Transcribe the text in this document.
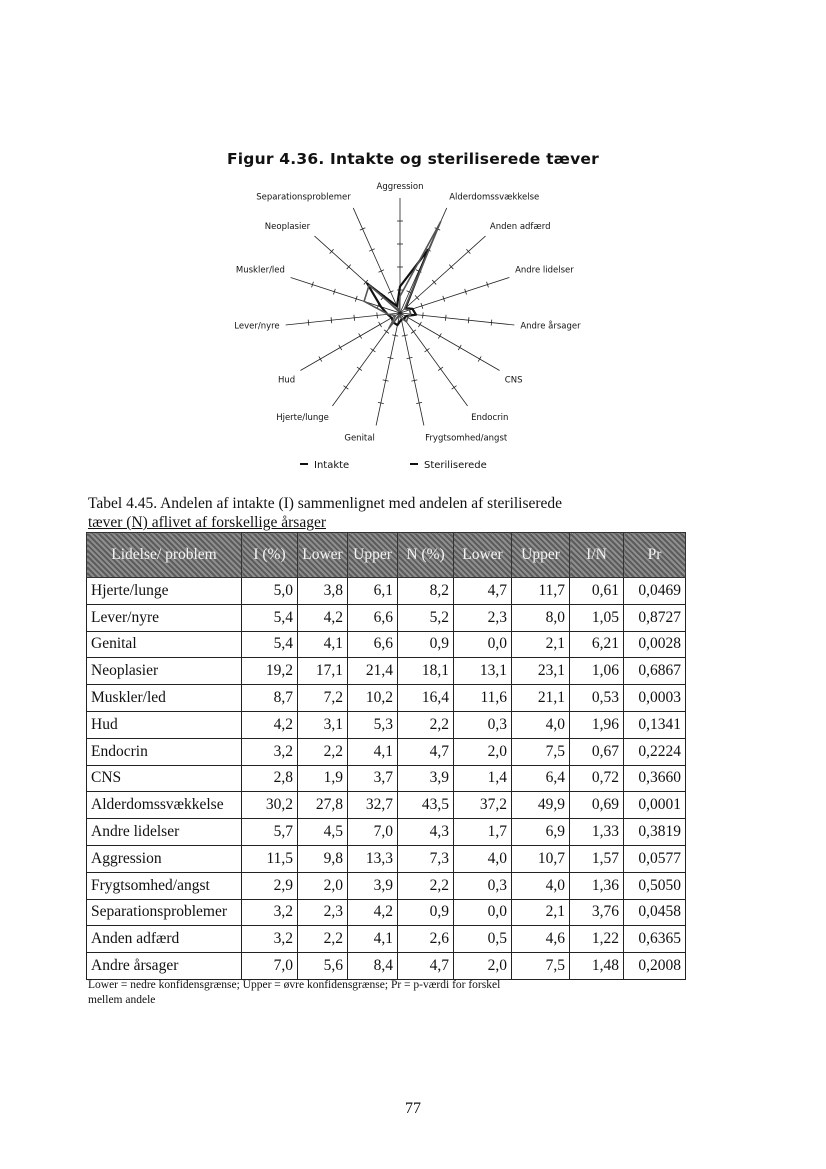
Figur 4.36. Intakte og steriliserede tæver
Aggression
Alderdomssvækkelse
Anden adfærd
Andre lidelser
Andre årsager
CNS
Endocrin
Frygtsomhed/angst
Genital
Hjerte/lunge
Hud
Lever/nyre
Muskler/led
Neoplasier
Separationsproblemer
Intakte	Steriliserede
Tabel 4.45. Andelen af intakte (I) sammenlignet med andelen af steriliserede
tæver (N) aflivet af forskellige årsager
Lidelse/ problem	I (%)	Lower	Upper	N (%)	Lower	Upper	I/N	Pr
Hjerte/lunge	5,0	3,8	6,1	8,2	4,7	11,7	0,61	0,0469
Lever/nyre	5,4	4,2	6,6	5,2	2,3	8,0	1,05	0,8727
Genital	5,4	4,1	6,6	0,9	0,0	2,1	6,21	0,0028
Neoplasier	19,2	17,1	21,4	18,1	13,1	23,1	1,06	0,6867
Muskler/led	8,7	7,2	10,2	16,4	11,6	21,1	0,53	0,0003
Hud	4,2	3,1	5,3	2,2	0,3	4,0	1,96	0,1341
Endocrin	3,2	2,2	4,1	4,7	2,0	7,5	0,67	0,2224
CNS	2,8	1,9	3,7	3,9	1,4	6,4	0,72	0,3660
Alderdomssvækkelse	30,2	27,8	32,7	43,5	37,2	49,9	0,69	0,0001
Andre lidelser	5,7	4,5	7,0	4,3	1,7	6,9	1,33	0,3819
Aggression	11,5	9,8	13,3	7,3	4,0	10,7	1,57	0,0577
Frygtsomhed/angst	2,9	2,0	3,9	2,2	0,3	4,0	1,36	0,5050
Separationsproblemer	3,2	2,3	4,2	0,9	0,0	2,1	3,76	0,0458
Anden adfærd	3,2	2,2	4,1	2,6	0,5	4,6	1,22	0,6365
Andre årsager	7,0	5,6	8,4	4,7	2,0	7,5	1,48	0,2008
Lower = nedre konfidensgrænse; Upper = øvre konfidensgrænse; Pr = p-værdi for forskel
mellem andele
77
